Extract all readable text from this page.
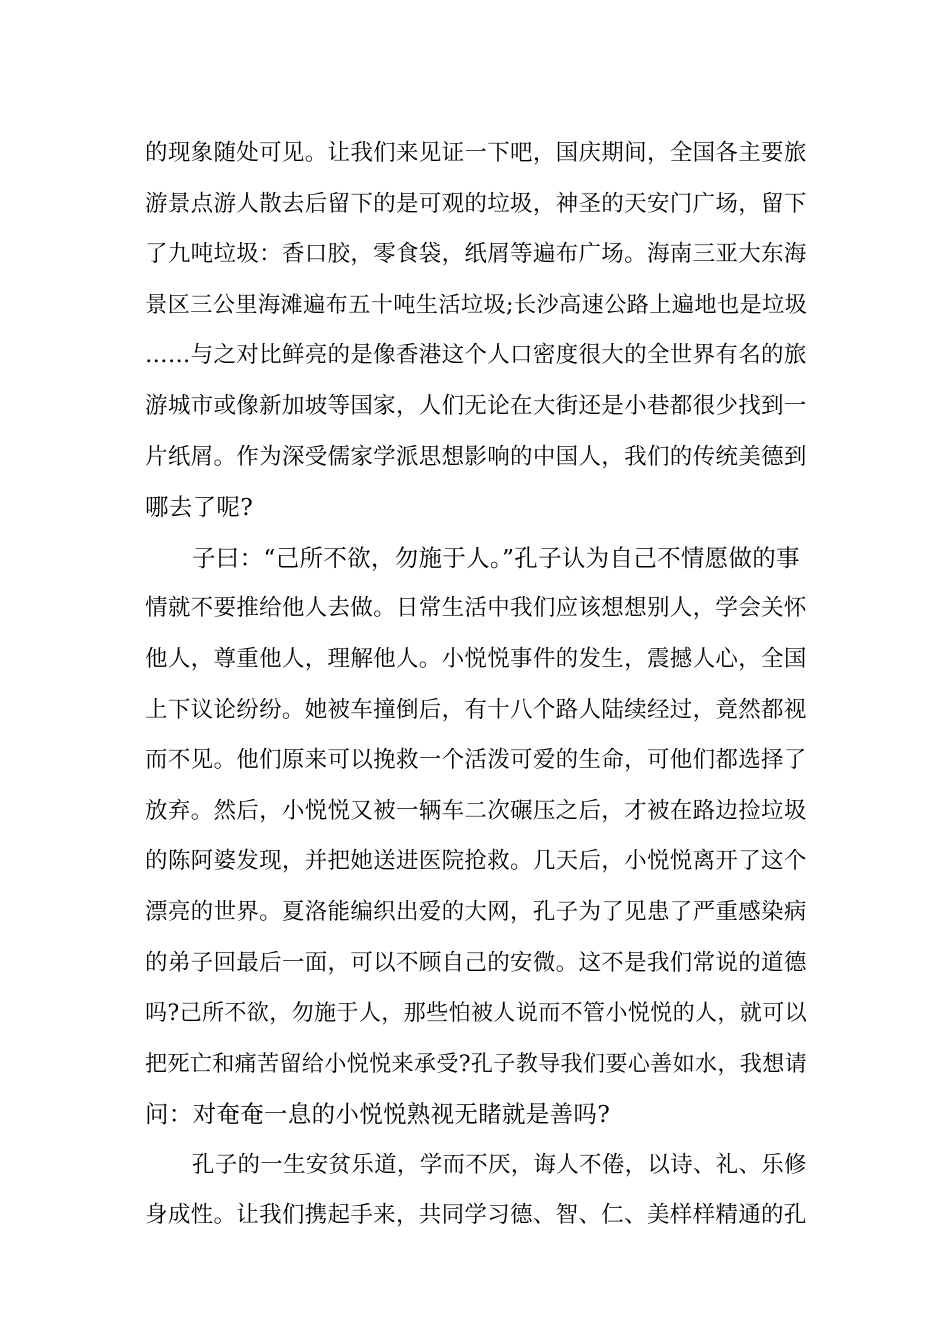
的现象随处可见。让我们来见证一下吧，国庆期间，全国各主要旅
游景点游人散去后留下的是可观的垃圾，神圣的天安门广场，留下
了九吨垃圾：香口胶，零食袋，纸屑等遍布广场。海南三亚大东海
景区三公里海滩遍布五十吨生活垃圾;长沙高速公路上遍地也是垃圾
……与之对比鲜亮的是像香港这个人口密度很大的全世界有名的旅
游城市或像新加坡等国家，人们无论在大街还是小巷都很少找到一
片纸屑。作为深受儒家学派思想影响的中国人，我们的传统美德到
哪去了呢?
子曰：“己所不欲，勿施于人。”孔子认为自己不情愿做的事
情就不要推给他人去做。日常生活中我们应该想想别人，学会关怀
他人，尊重他人，理解他人。小悦悦事件的发生，震撼人心，全国
上下议论纷纷。她被车撞倒后，有十八个路人陆续经过，竟然都视
而不见。他们原来可以挽救一个活泼可爱的生命，可他们都选择了
放弃。然后，小悦悦又被一辆车二次碾压之后，才被在路边捡垃圾
的陈阿婆发现，并把她送进医院抢救。几天后，小悦悦离开了这个
漂亮的世界。夏洛能编织出爱的大网，孔子为了见患了严重感染病
的弟子回最后一面，可以不顾自己的安微。这不是我们常说的道德
吗?己所不欲，勿施于人，那些怕被人说而不管小悦悦的人，就可以
把死亡和痛苦留给小悦悦来承受?孔子教导我们要心善如水，我想请
问：对奄奄一息的小悦悦熟视无睹就是善吗?
孔子的一生安贫乐道，学而不厌，诲人不倦，以诗、礼、乐修
身成性。让我们携起手来，共同学习德、智、仁、美样样精通的孔
